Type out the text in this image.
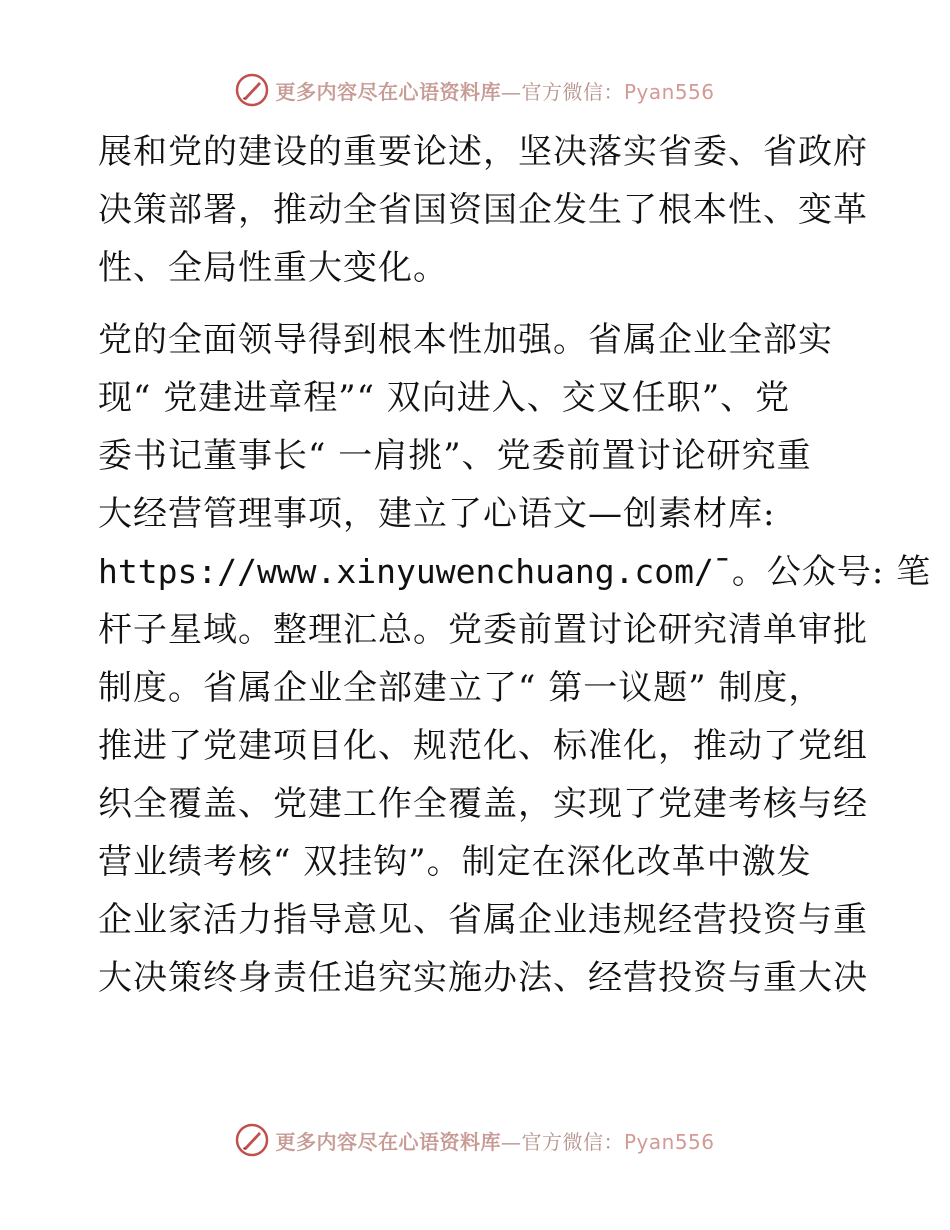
更多内容尽在心语资料库—官方微信：Pyan556
展和党的建设的重要论述，坚决落实省委、省政府
决策部署，推动全省国资国企发生了根本性、变革
性、全局性重大变化。
党的全面领导得到根本性加强。省属企业全部实
现“ 党建进章程”“ 双向进入、交叉任职”、党
委书记董事长“ 一肩挑”、党委前置讨论研究重
大经营管理事项，建立了心语文—创素材库:
https://www.xinyuwenchuang.com/¯。公众号: 笔
杆子星域。整理汇总。党委前置讨论研究清单审批
制度。省属企业全部建立了“ 第一议题” 制度，
推进了党建项目化、规范化、标准化，推动了党组
织全覆盖、党建工作全覆盖，实现了党建考核与经
营业绩考核“ 双挂钩”。制定在深化改革中激发
企业家活力指导意见、省属企业违规经营投资与重
大决策终身责任追究实施办法、经营投资与重大决
更多内容尽在心语资料库—官方微信：Pyan556
